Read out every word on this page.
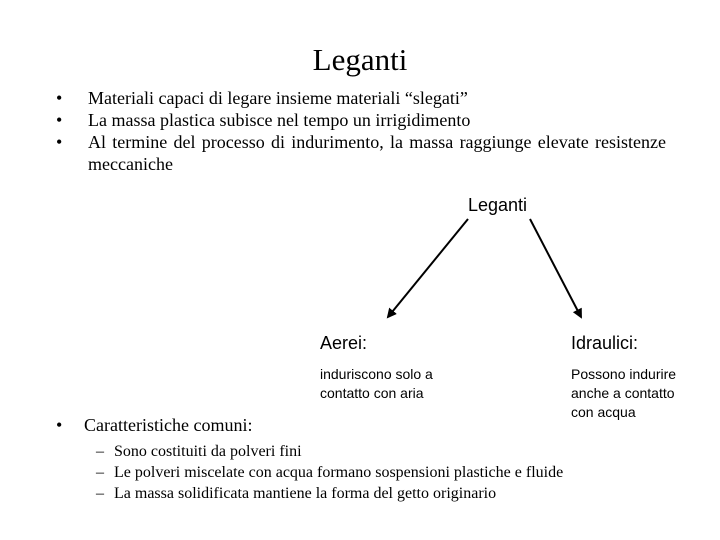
Leganti
• Materiali capaci di legare insieme materiali “slegati”
• La massa plastica subisce nel tempo un irrigidimento
• Al termine del processo di indurimento, la massa raggiunge elevate resistenze meccaniche
Leganti
Aerei:
induriscono solo a contatto con aria
Idraulici:
Possono indurire anche a contatto con acqua
• Caratteristiche comuni:
– Sono costituiti da polveri fini
– Le polveri miscelate con acqua formano sospensioni plastiche e fluide
– La massa solidificata mantiene la forma del getto originario
